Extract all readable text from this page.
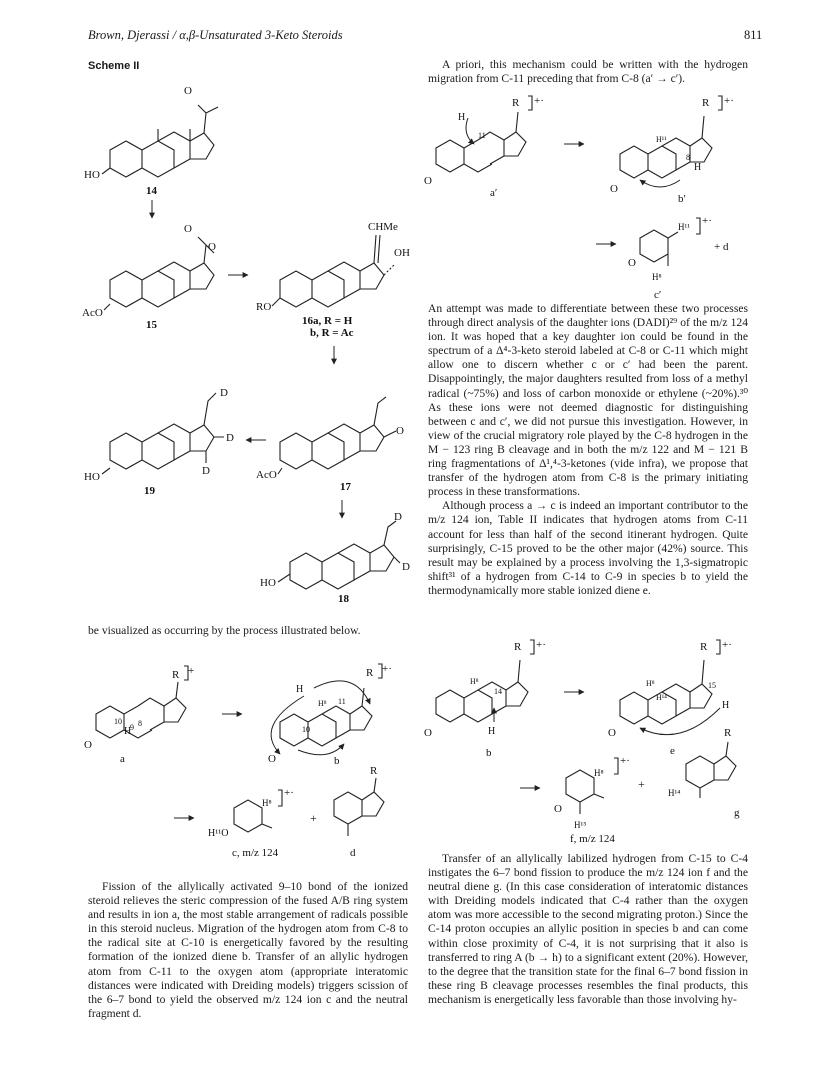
Brown, Djerassi / α,β-Unsaturated 3-Keto Steroids	811
Scheme II
O
HO
14
O
O
AcO
15
CHMe
OH
RO
16a, R = H
b, R = Ac
D
D
D
HO
19
O
AcO
17
D
D
HO
18

be visualized as occurring by the process illustrated below.

R +
O
9
10 8
H
a
R +·
H
H⁸ 11
10
O	b
H⁸
+·
H¹¹O
c, m/z 124
+
R
d

Fission of the allylically activated 9–10 bond of the ionized steroid relieves the steric compression of the fused A/B ring system and results in ion a, the most stable arrangement of radicals possible in this steroid nucleus. Migration of the hydrogen atom from C-8 to the radical site at C-10 is energetically favored by the resulting formation of the ionized diene b. Transfer of an allylic hydrogen atom from C-11 to the oxygen atom (appropriate interatomic distances were indicated with Dreiding models) triggers scission of the 6–7 bond to yield the observed m/z 124 ion c and the neutral fragment d.

A priori, this mechanism could be written with the hydrogen migration from C-11 preceding that from C-8 (a′ → c′).

R +·
H
11
O
a′
R +·
H¹¹
8
H
O
b′
H¹¹ +·
O
H⁸
c′
+ d

An attempt was made to differentiate between these two processes through direct analysis of the daughter ions (DADI)²⁹ of the m/z 124 ion. It was hoped that a key daughter ion could be found in the spectrum of a Δ⁴-3-keto steroid labeled at C-8 or C-11 which might allow one to discern whether c or c′ had been the parent. Disappointingly, the major daughters resulted from loss of a methyl radical (~75%) and loss of carbon monoxide or ethylene (~20%).³⁰ As these ions were not deemed diagnostic for distinguishing between c and c′, we did not pursue this investigation. However, in view of the crucial migratory role played by the C-8 hydrogen in the M − 123 ring B cleavage and in both the m/z 122 and M − 121 B ring fragmentations of Δ¹,⁴-3-ketones (vide infra), we propose that transfer of the hydrogen atom from C-8 is the primary initiating process in these transformations.

Although process a → c is indeed an important contributor to the m/z 124 ion, Table II indicates that hydrogen atoms from C-11 account for less than half of the second itinerant hydrogen. Quite surprisingly, C-15 proved to be the other major (42%) source. This result may be explained by a process involving the 1,3-sigmatropic shift³¹ of a hydrogen from C-14 to C-9 in species b to yield the thermodynamically more stable ionized diene e.

R +·
H⁸
14
H
O
b
R +·
H⁸
H¹⁴
15
H
O
e
H⁸
+·
O
H¹⁵
f, m/z 124
+
R
H¹⁴
g

Transfer of an allylically labilized hydrogen from C-15 to C-4 instigates the 6–7 bond fission to produce the m/z 124 ion f and the neutral diene g. (In this case consideration of interatomic distances with Dreiding models indicated that C-4 rather than the oxygen atom was more accessible to the second migrating proton.) Since the C-14 proton occupies an allylic position in species b and can come within close proximity of C-4, it is not surprising that it also is transferred to ring A (b → h) to a significant extent (20%). However, to the degree that the transition state for the final 6–7 bond fission in these ring B cleavage processes resembles the final products, this mechanism is energetically less favorable than those involving hy-
